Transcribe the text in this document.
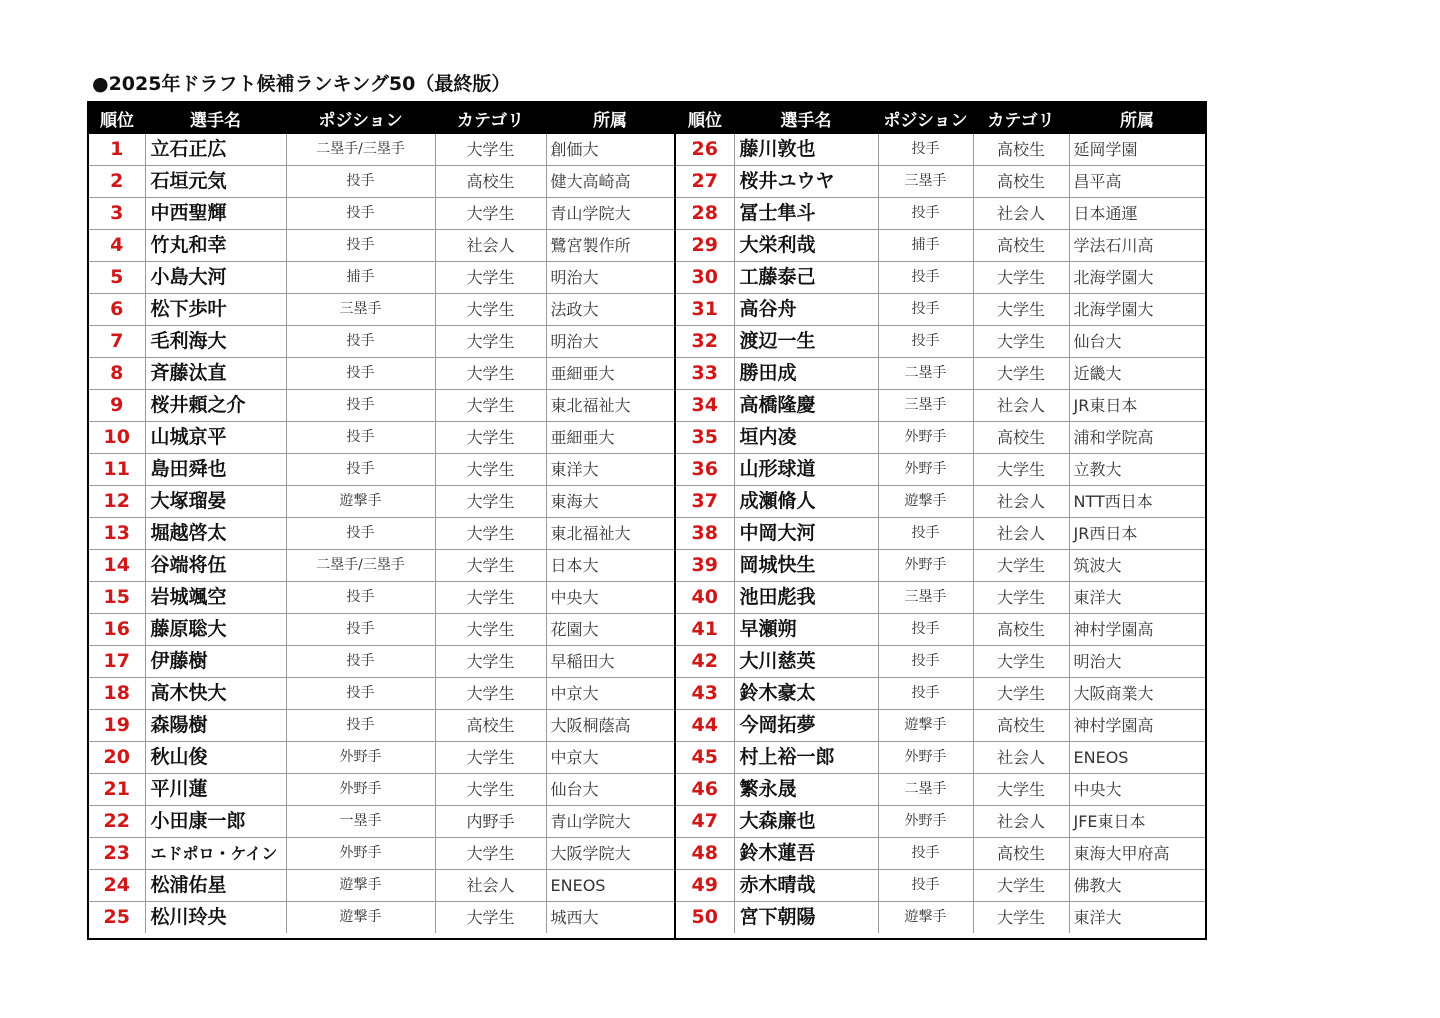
●2025年ドラフト候補ランキング50（最終版）
順位	選手名	ポジション	カテゴリ	所属
1	立石正広	二塁手/三塁手	大学生	創価大
2	石垣元気	投手	高校生	健大高崎高
3	中西聖輝	投手	大学生	青山学院大
4	竹丸和幸	投手	社会人	鷺宮製作所
5	小島大河	捕手	大学生	明治大
6	松下歩叶	三塁手	大学生	法政大
7	毛利海大	投手	大学生	明治大
8	斉藤汰直	投手	大学生	亜細亜大
9	桜井頼之介	投手	大学生	東北福祉大
10	山城京平	投手	大学生	亜細亜大
11	島田舜也	投手	大学生	東洋大
12	大塚瑠晏	遊撃手	大学生	東海大
13	堀越啓太	投手	大学生	東北福祉大
14	谷端将伍	二塁手/三塁手	大学生	日本大
15	岩城颯空	投手	大学生	中央大
16	藤原聡大	投手	大学生	花園大
17	伊藤樹	投手	大学生	早稲田大
18	高木快大	投手	大学生	中京大
19	森陽樹	投手	高校生	大阪桐蔭高
20	秋山俊	外野手	大学生	中京大
21	平川蓮	外野手	大学生	仙台大
22	小田康一郎	一塁手	内野手	青山学院大
23	エドポロ・ケイン	外野手	大学生	大阪学院大
24	松浦佑星	遊撃手	社会人	ENEOS
25	松川玲央	遊撃手	大学生	城西大
順位	選手名	ポジション	カテゴリ	所属
26	藤川敦也	投手	高校生	延岡学園
27	桜井ユウヤ	三塁手	高校生	昌平高
28	冨士隼斗	投手	社会人	日本通運
29	大栄利哉	捕手	高校生	学法石川高
30	工藤泰己	投手	大学生	北海学園大
31	高谷舟	投手	大学生	北海学園大
32	渡辺一生	投手	大学生	仙台大
33	勝田成	二塁手	大学生	近畿大
34	高橋隆慶	三塁手	社会人	JR東日本
35	垣内凌	外野手	高校生	浦和学院高
36	山形球道	外野手	大学生	立教大
37	成瀬脩人	遊撃手	社会人	NTT西日本
38	中岡大河	投手	社会人	JR西日本
39	岡城快生	外野手	大学生	筑波大
40	池田彪我	三塁手	大学生	東洋大
41	早瀬朔	投手	高校生	神村学園高
42	大川慈英	投手	大学生	明治大
43	鈴木豪太	投手	大学生	大阪商業大
44	今岡拓夢	遊撃手	高校生	神村学園高
45	村上裕一郎	外野手	社会人	ENEOS
46	繁永晟	二塁手	大学生	中央大
47	大森廉也	外野手	社会人	JFE東日本
48	鈴木蓮吾	投手	高校生	東海大甲府高
49	赤木晴哉	投手	大学生	佛教大
50	宮下朝陽	遊撃手	大学生	東洋大
